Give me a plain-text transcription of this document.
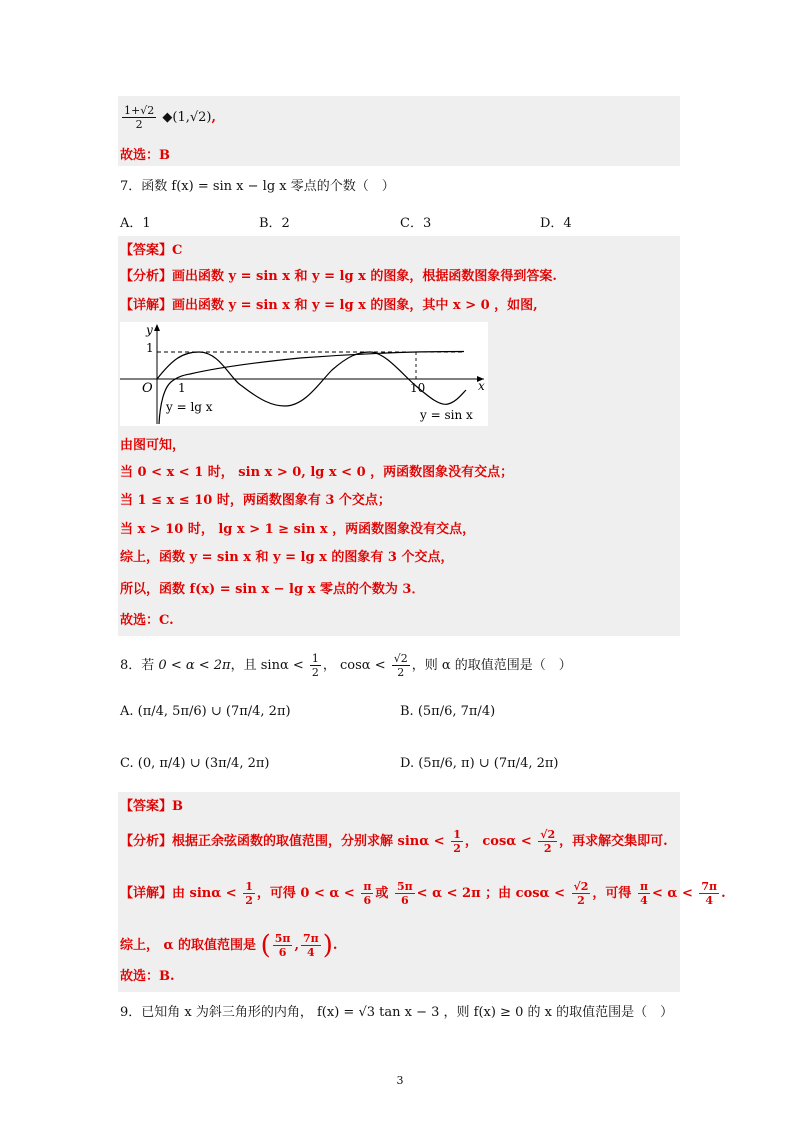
$\frac{1+√2}{2}$ ◆(1,√2),
故选：B
7．函数 f(x) = sin x − lg x 零点的个数（　）
A．1	B．2	C．3	D．4
【答案】C
【分析】画出函数 y = sin x 和 y = lg x 的图象，根据函数图象得到答案.
【详解】画出函数 y = sin x 和 y = lg x 的图象，其中 x > 0 ，如图,
y
x
O 1	10
1
y = lg x
y = sin x
由图可知，
当 0 < x < 1 时， sin x > 0, lg x < 0 ，两函数图象没有交点；
当 1 ≤ x ≤ 10 时，两函数图象有 3 个交点；
当 x > 10 时， lg x > 1 ≥ sin x ，两函数图象没有交点，
综上，函数 y = sin x 和 y = lg x 的图象有 3 个交点，
所以，函数 f(x) = sin x − lg x 零点的个数为 3．
故选：C.
8．若 0 < α < 2π，且 $\sin\alpha < \frac{1}{2}$ ， $\cos\alpha < \frac{√2}{2}$ ，则 α 的取值范围是（　）
A. (π/4, 5π/6) ∪ (7π/4, 2π)	B. (5π/6, 7π/4)
C. (0, π/4) ∪ (3π/4, 2π)	D. (5π/6, π) ∪ (7π/4, 2π)
【答案】B
【分析】根据正余弦函数的取值范围，分别求解 $\sin\alpha < \frac{1}{2}$ ， $\cos\alpha < \frac{√2}{2}$ ，再求解交集即可.
【详解】由 $\sin\alpha < \frac{1}{2}$ ，可得 $0 < \alpha < \frac{\pi}{6}$ 或 $\frac{5\pi}{6} < \alpha < 2\pi$ ；由 $\cos\alpha < \frac{√2}{2}$ ，可得 $\frac{\pi}{4} < \alpha < \frac{7\pi}{4}$ .
综上， α 的取值范围是 ( $\frac{5\pi}{6}$ , $\frac{7\pi}{4}$ ).
故选：B.
9．已知角 x 为斜三角形的内角， f(x) = √3 tan x − 3 ，则 f(x) ≥ 0 的 x 的取值范围是（　）
3
